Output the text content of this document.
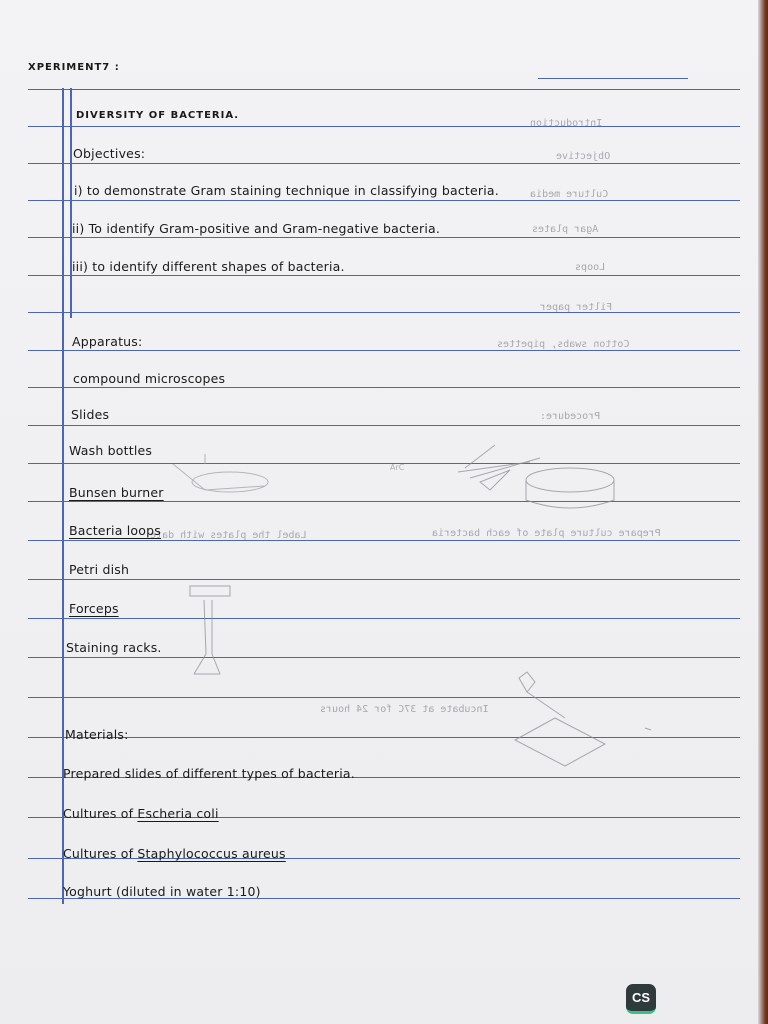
Introduction
Objective
Culture media
Agar plates
Loops
Filter paper
Cotton swabs, pipettes
Procedure:
Prepare culture plate of each bacteria
Label the plates with date
Incubate at 37C for 24 hours
ArC
XPERIMENT7 :
DIVERSITY OF BACTERIA.
Objectives:
i) to demonstrate Gram staining technique in classifying bacteria.
ii) To identify Gram-positive and Gram-negative bacteria.
iii) to identify different shapes of bacteria.
Apparatus:
compound microscopes
Slides
Wash bottles
Bunsen burner
Bacteria loops
Petri dish
Forceps
Staining racks.
Materials:
Prepared slides of different types of bacteria.
Cultures of Escheria coli
Cultures of Staphylococcus aureus
Yoghurt (diluted in water 1:10)
CS
